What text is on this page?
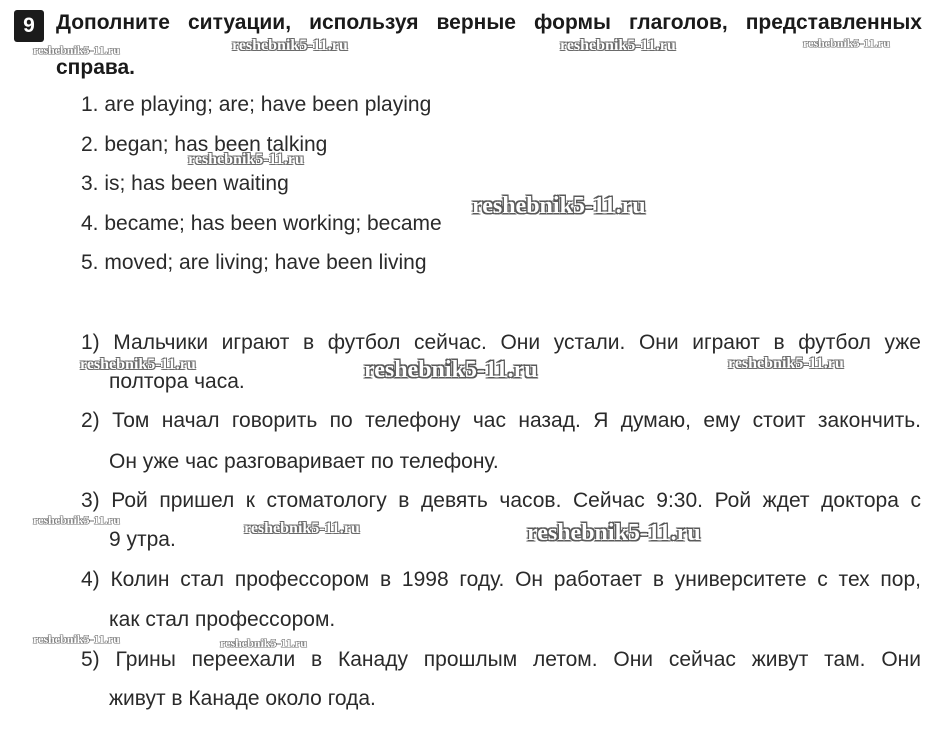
9	Дополните ситуации, используя верные формы глаголов, представленных
справа.
1. are playing; are; have been playing
2. began; has been talking
3. is; has been waiting
4. became; has been working; became
5. moved; are living; have been living
1) Мальчики играют в футбол сейчас. Они устали. Они играют в футбол уже
полтора часа.
2) Том начал говорить по телефону час назад. Я думаю, ему стоит закончить.
Он уже час разговаривает по телефону.
3) Рой пришел к стоматологу в девять часов. Сейчас 9:30. Рой ждет доктора с
9 утра.
4) Колин стал профессором в 1998 году. Он работает в университете с тех пор,
как стал профессором.
5) Грины переехали в Канаду прошлым летом. Они сейчас живут там. Они
живут в Канаде около года.
reshebnik5-11.ru	reshebnik5-11.ru	reshebnik5-11.ru	reshebnik5-11.ru
reshebnik5-11.ru
reshebnik5-11.ru
reshebnik5-11.ru	reshebnik5-11.ru	reshebnik5-11.ru
reshebnik5-11.ru	reshebnik5-11.ru	reshebnik5-11.ru
reshebnik5-11.ru	reshebnik5-11.ru
